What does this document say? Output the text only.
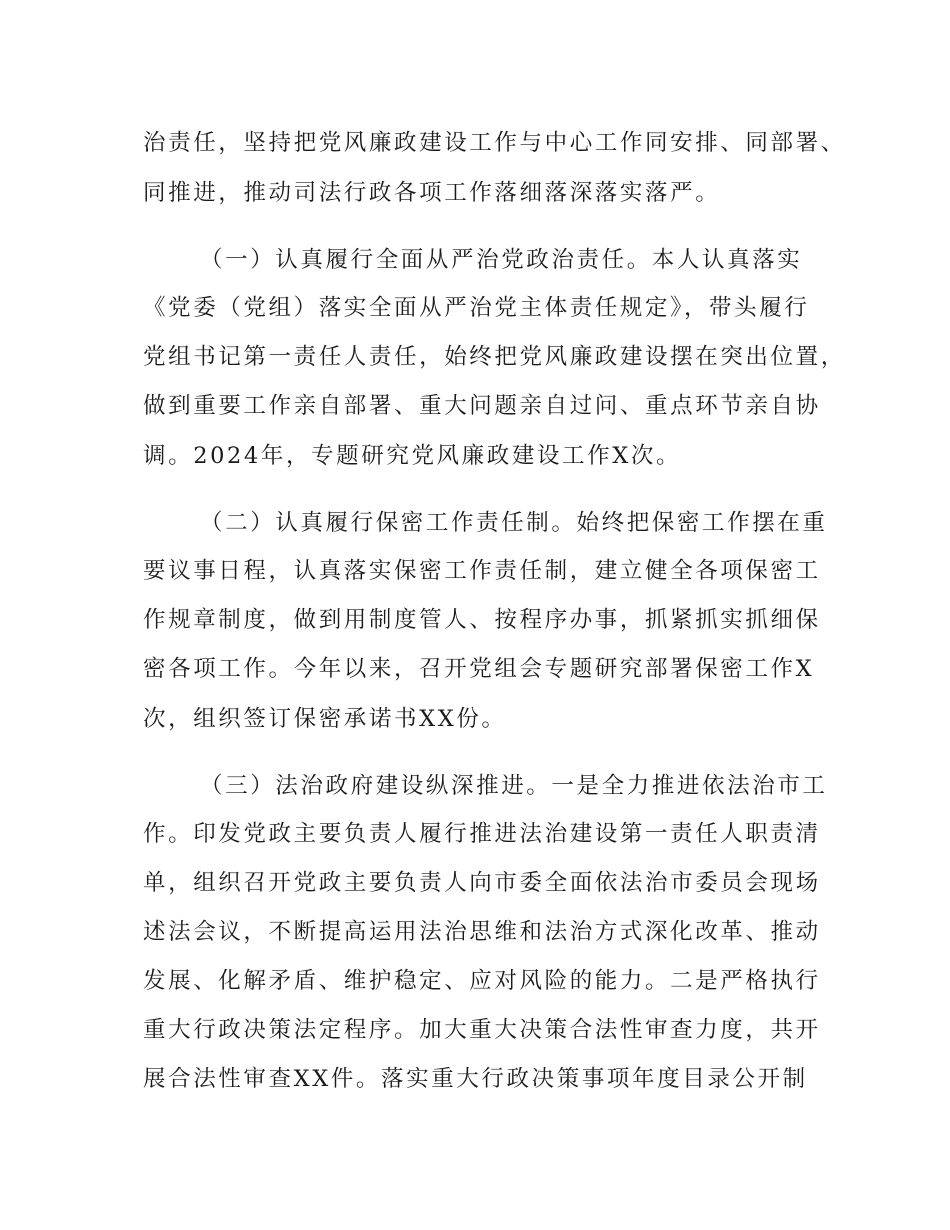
治责任，坚持把党风廉政建设工作与中心工作同安排、同部署、

同推进，推动司法行政各项工作落细落深落实落严。

（一）认真履行全面从严治党政治责任。本人认真落实

《党委（党组）落实全面从严治党主体责任规定》，带头履行

党组书记第一责任人责任，始终把党风廉政建设摆在突出位置，

做到重要工作亲自部署、重大问题亲自过问、重点环节亲自协

调。2024年，专题研究党风廉政建设工作X次。

（二）认真履行保密工作责任制。始终把保密工作摆在重

要议事日程，认真落实保密工作责任制，建立健全各项保密工

作规章制度，做到用制度管人、按程序办事，抓紧抓实抓细保

密各项工作。今年以来，召开党组会专题研究部署保密工作X

次，组织签订保密承诺书XX份。

（三）法治政府建设纵深推进。一是全力推进依法治市工

作。印发党政主要负责人履行推进法治建设第一责任人职责清

单，组织召开党政主要负责人向市委全面依法治市委员会现场

述法会议，不断提高运用法治思维和法治方式深化改革、推动

发展、化解矛盾、维护稳定、应对风险的能力。二是严格执行

重大行政决策法定程序。加大重大决策合法性审查力度，共开

展合法性审查XX件。落实重大行政决策事项年度目录公开制
